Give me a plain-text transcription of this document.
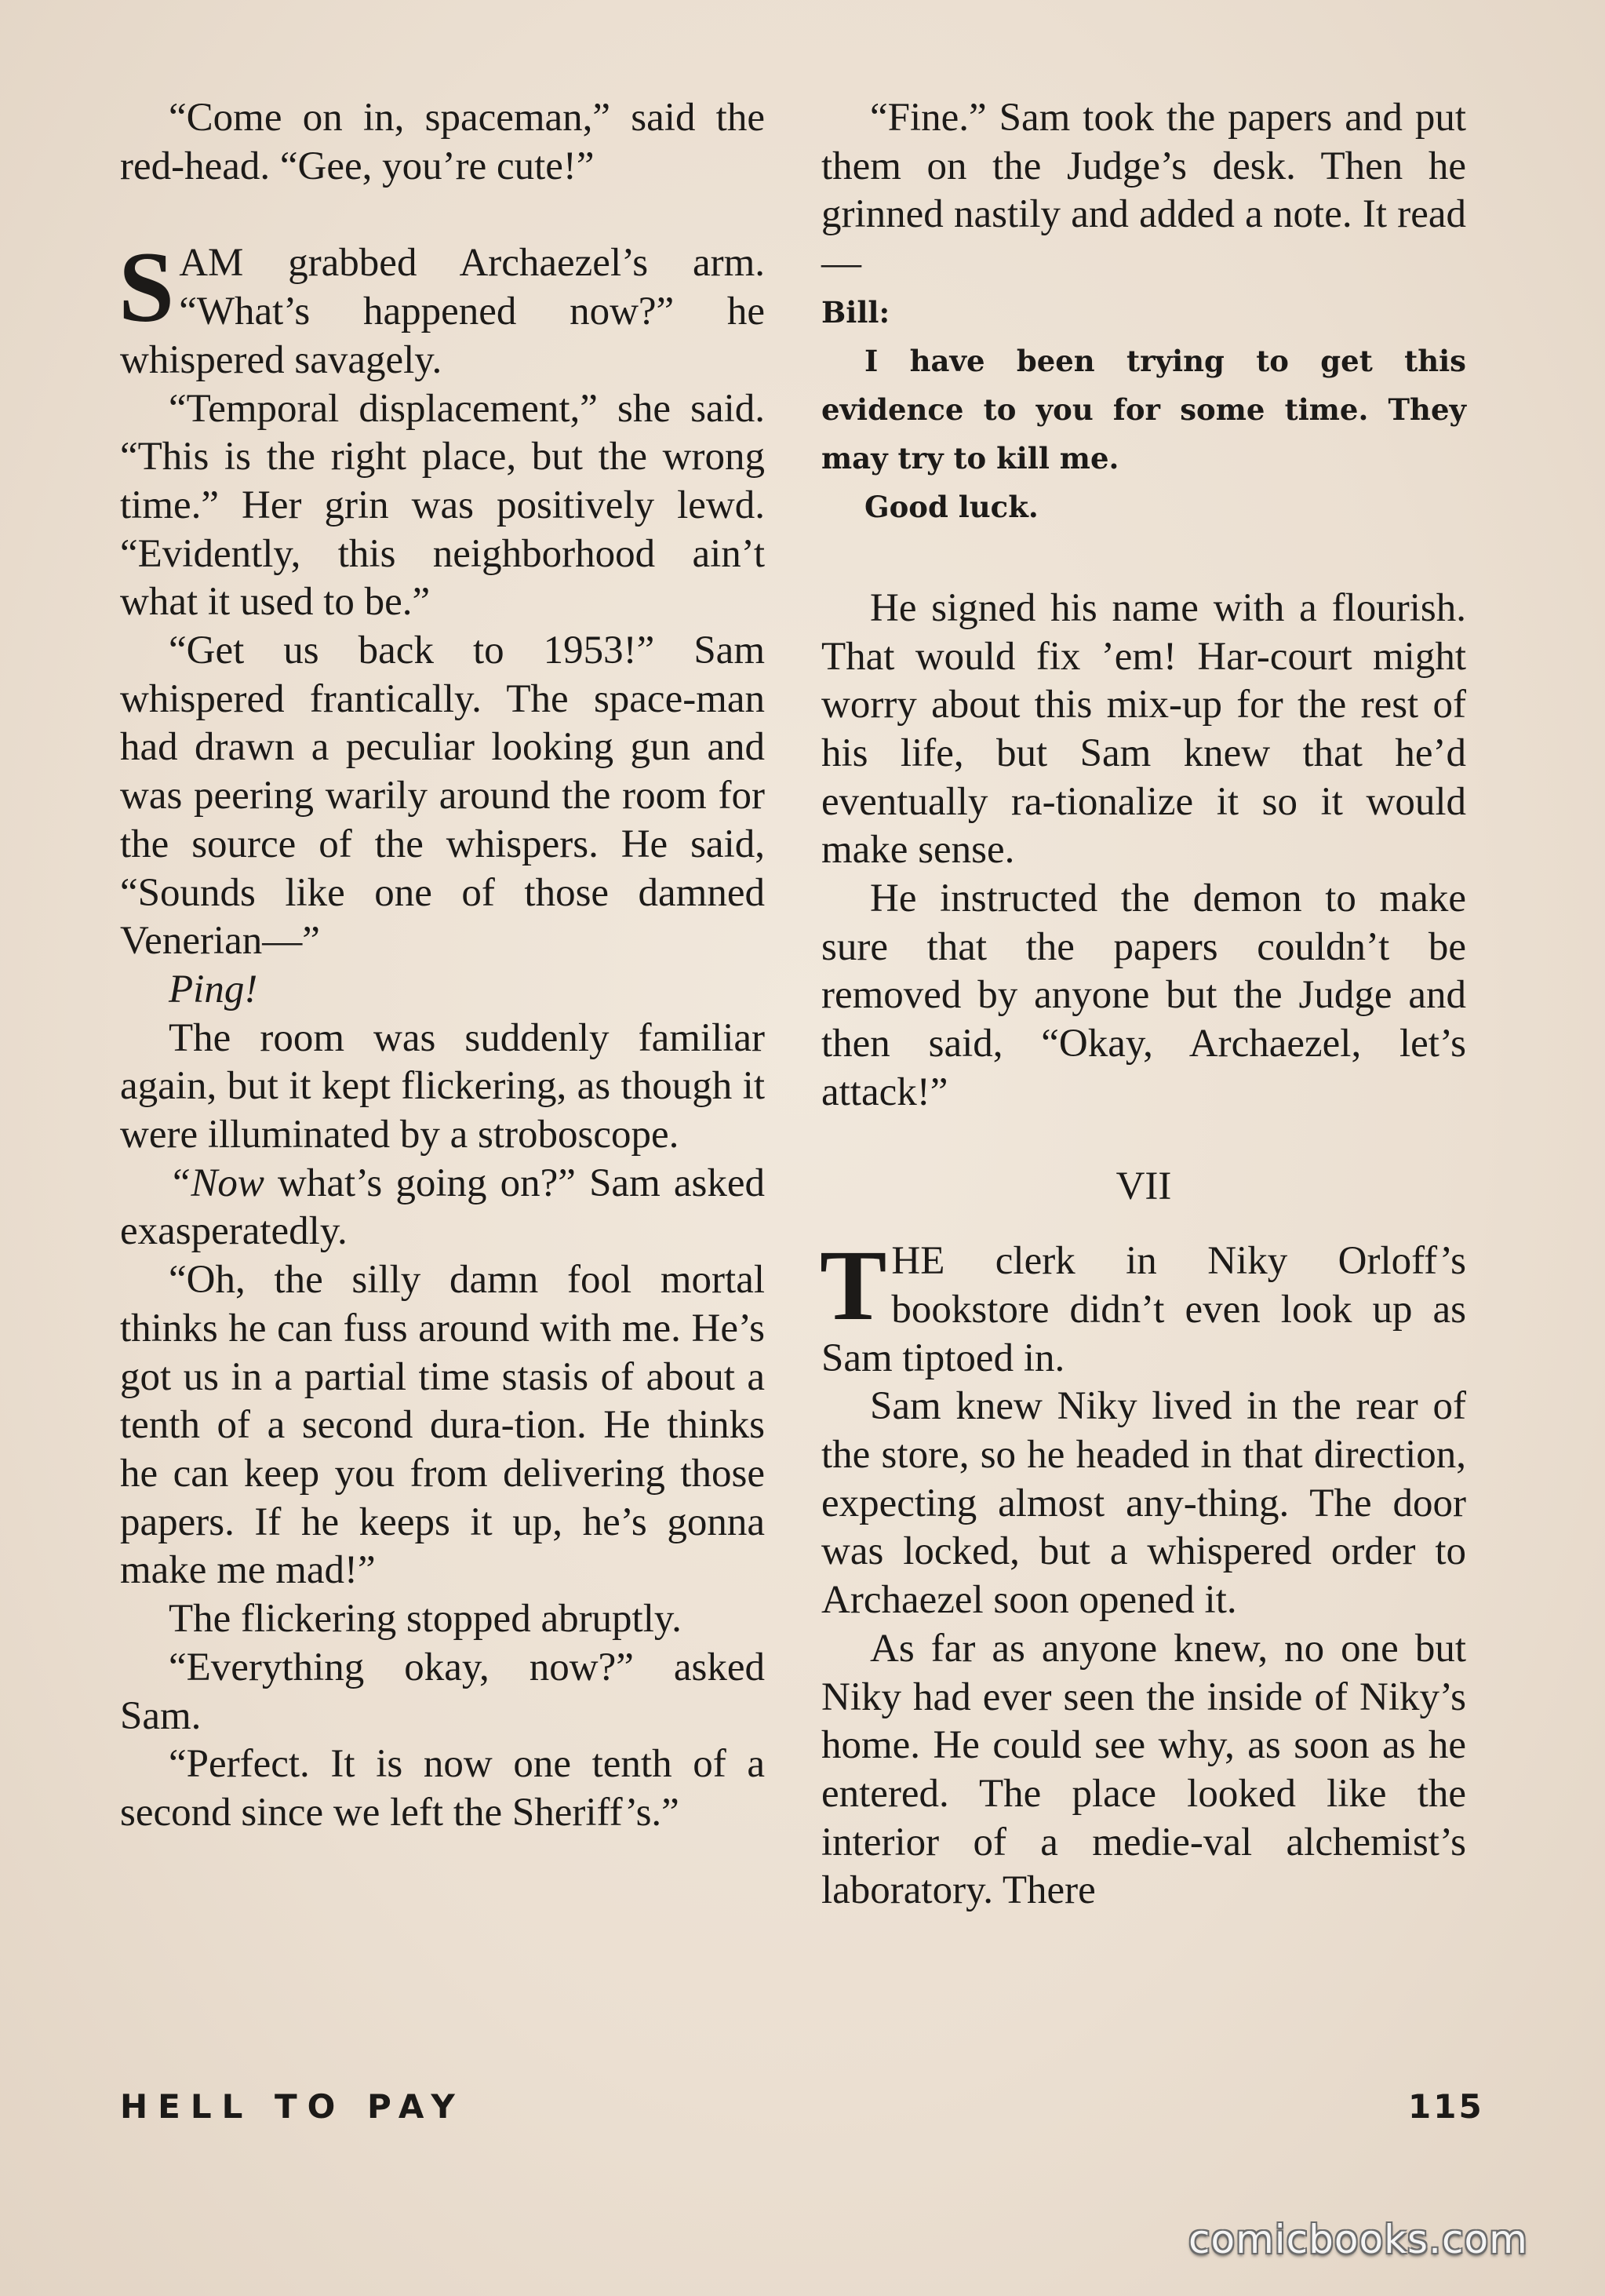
“Come on in, spaceman,” said the red-head. “Gee, you’re cute!”

SAM grabbed Archaezel’s arm. “What’s happened now?” he whispered savagely.

“Temporal displacement,” she said. “This is the right place, but the wrong time.” Her grin was positively lewd. “Evidently, this neighborhood ain’t what it used to be.”

“Get us back to 1953!” Sam whispered frantically. The space-man had drawn a peculiar looking gun and was peering warily around the room for the source of the whispers. He said, “Sounds like one of those damned Venerian—”

Ping!

The room was suddenly familiar again, but it kept flickering, as though it were illuminated by a stroboscope.

“Now what’s going on?” Sam asked exasperatedly.

“Oh, the silly damn fool mortal thinks he can fuss around with me. He’s got us in a partial time stasis of about a tenth of a second dura-tion. He thinks he can keep you from delivering those papers. If he keeps it up, he’s gonna make me mad!”

The flickering stopped abruptly.

“Everything okay, now?” asked Sam.

“Perfect. It is now one tenth of a second since we left the Sheriff’s.”

“Fine.” Sam took the papers and put them on the Judge’s desk. Then he grinned nastily and added a note. It read—

Bill:

I have been trying to get this evidence to you for some time. They may try to kill me.

Good luck.

He signed his name with a flourish. That would fix ’em! Har-court might worry about this mix-up for the rest of his life, but Sam knew that he’d eventually ra-tionalize it so it would make sense.

He instructed the demon to make sure that the papers couldn’t be removed by anyone but the Judge and then said, “Okay, Archaezel, let’s attack!”

VII

THE clerk in Niky Orloff’s bookstore didn’t even look up as Sam tiptoed in.

Sam knew Niky lived in the rear of the store, so he headed in that direction, expecting almost any-thing. The door was locked, but a whispered order to Archaezel soon opened it.

As far as anyone knew, no one but Niky had ever seen the inside of Niky’s home. He could see why, as soon as he entered. The place looked like the interior of a medie-val alchemist’s laboratory. There

HELL TO PAY	115
comicbooks.com
